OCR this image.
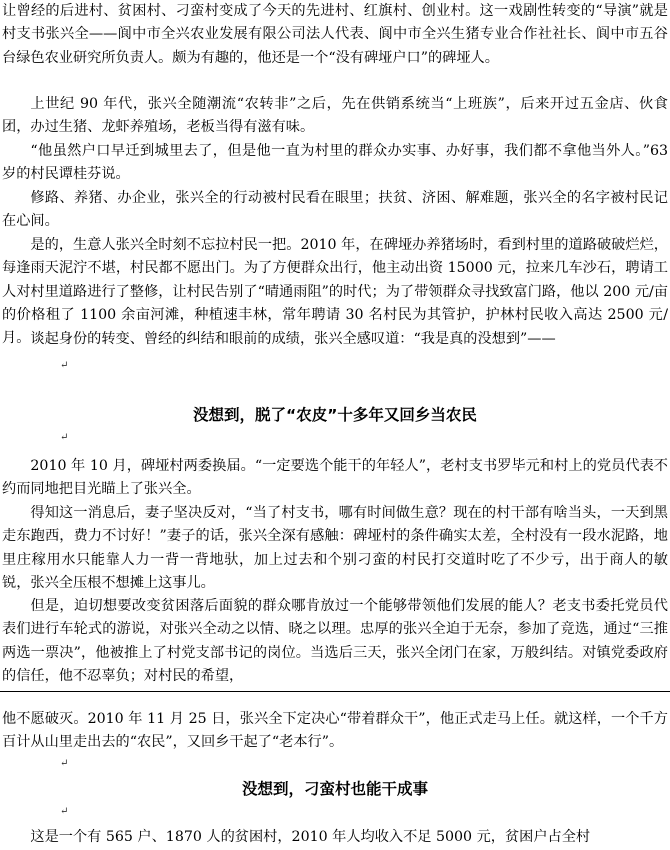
让曾经的后进村、贫困村、刁蛮村变成了今天的先进村、红旗村、创业村。这一戏剧性转变的“导演”就是村支书张兴全——阆中市全兴农业发展有限公司法人代表、阆中市全兴生猪专业合作社社长、阆中市五谷台绿色农业研究所负责人。颇为有趣的，他还是一个“没有碑垭户口”的碑垭人。

上世纪 90 年代，张兴全随潮流“农转非”之后，先在供销系统当“上班族”，后来开过五金店、伙食团，办过生猪、龙虾养殖场，老板当得有滋有味。

“他虽然户口早迁到城里去了，但是他一直为村里的群众办实事、办好事，我们都不拿他当外人。”63 岁的村民谭桂芬说。

修路、养猪、办企业，张兴全的行动被村民看在眼里；扶贫、济困、解难题，张兴全的名字被村民记在心间。

是的，生意人张兴全时刻不忘拉村民一把。2010 年，在碑垭办养猪场时，看到村里的道路破破烂烂，每逢雨天泥泞不堪，村民都不愿出门。为了方便群众出行，他主动出资 15000 元，拉来几车沙石，聘请工人对村里道路进行了整修，让村民告别了“晴通雨阻”的时代；为了带领群众寻找致富门路，他以 200 元/亩的价格租了 1100 余亩河滩，种植速丰林，常年聘请 30 名村民为其管护，护林村民收入高达 2500 元/月。 谈起身份的转变、曾经的纠结和眼前的成绩，张兴全感叹道：“我是真的没想到”——

↵
没想到，脱了“农皮”十多年又回乡当农民
↵

2010 年 10 月，碑垭村两委换届。“一定要选个能干的年轻人”，老村支书罗毕元和村上的党员代表不约而同地把目光瞄上了张兴全。

得知这一消息后，妻子坚决反对，“当了村支书，哪有时间做生意？现在的村干部有啥当头，一天到黑走东跑西，费力不讨好！”妻子的话，张兴全深有感触：碑垭村的条件确实太差，全村没有一段水泥路，地里庄稼用水只能靠人力一背一背地驮，加上过去和个别刁蛮的村民打交道时吃了不少亏，出于商人的敏锐，张兴全压根不想摊上这事儿。

但是，迫切想要改变贫困落后面貌的群众哪肯放过一个能够带领他们发展的能人？老支书委托党员代表们进行车轮式的游说，对张兴全动之以情、晓之以理。忠厚的张兴全迫于无奈，参加了竞选，通过“三推两选一票决”，他被推上了村党支部书记的岗位。当选后三天，张兴全闭门在家，万般纠结。对镇党委政府的信任，他不忍辜负；对村民的希望，

他不愿破灭。2010 年 11 月 25 日，张兴全下定决心“带着群众干”，他正式走马上任。就这样，一个千方百计从山里走出去的“农民”，又回乡干起了“老本行”。

↵
没想到，刁蛮村也能干成事
↵

这是一个有 565 户、1870 人的贫困村，2010 年人均收入不足 5000 元，贫困户占全村
